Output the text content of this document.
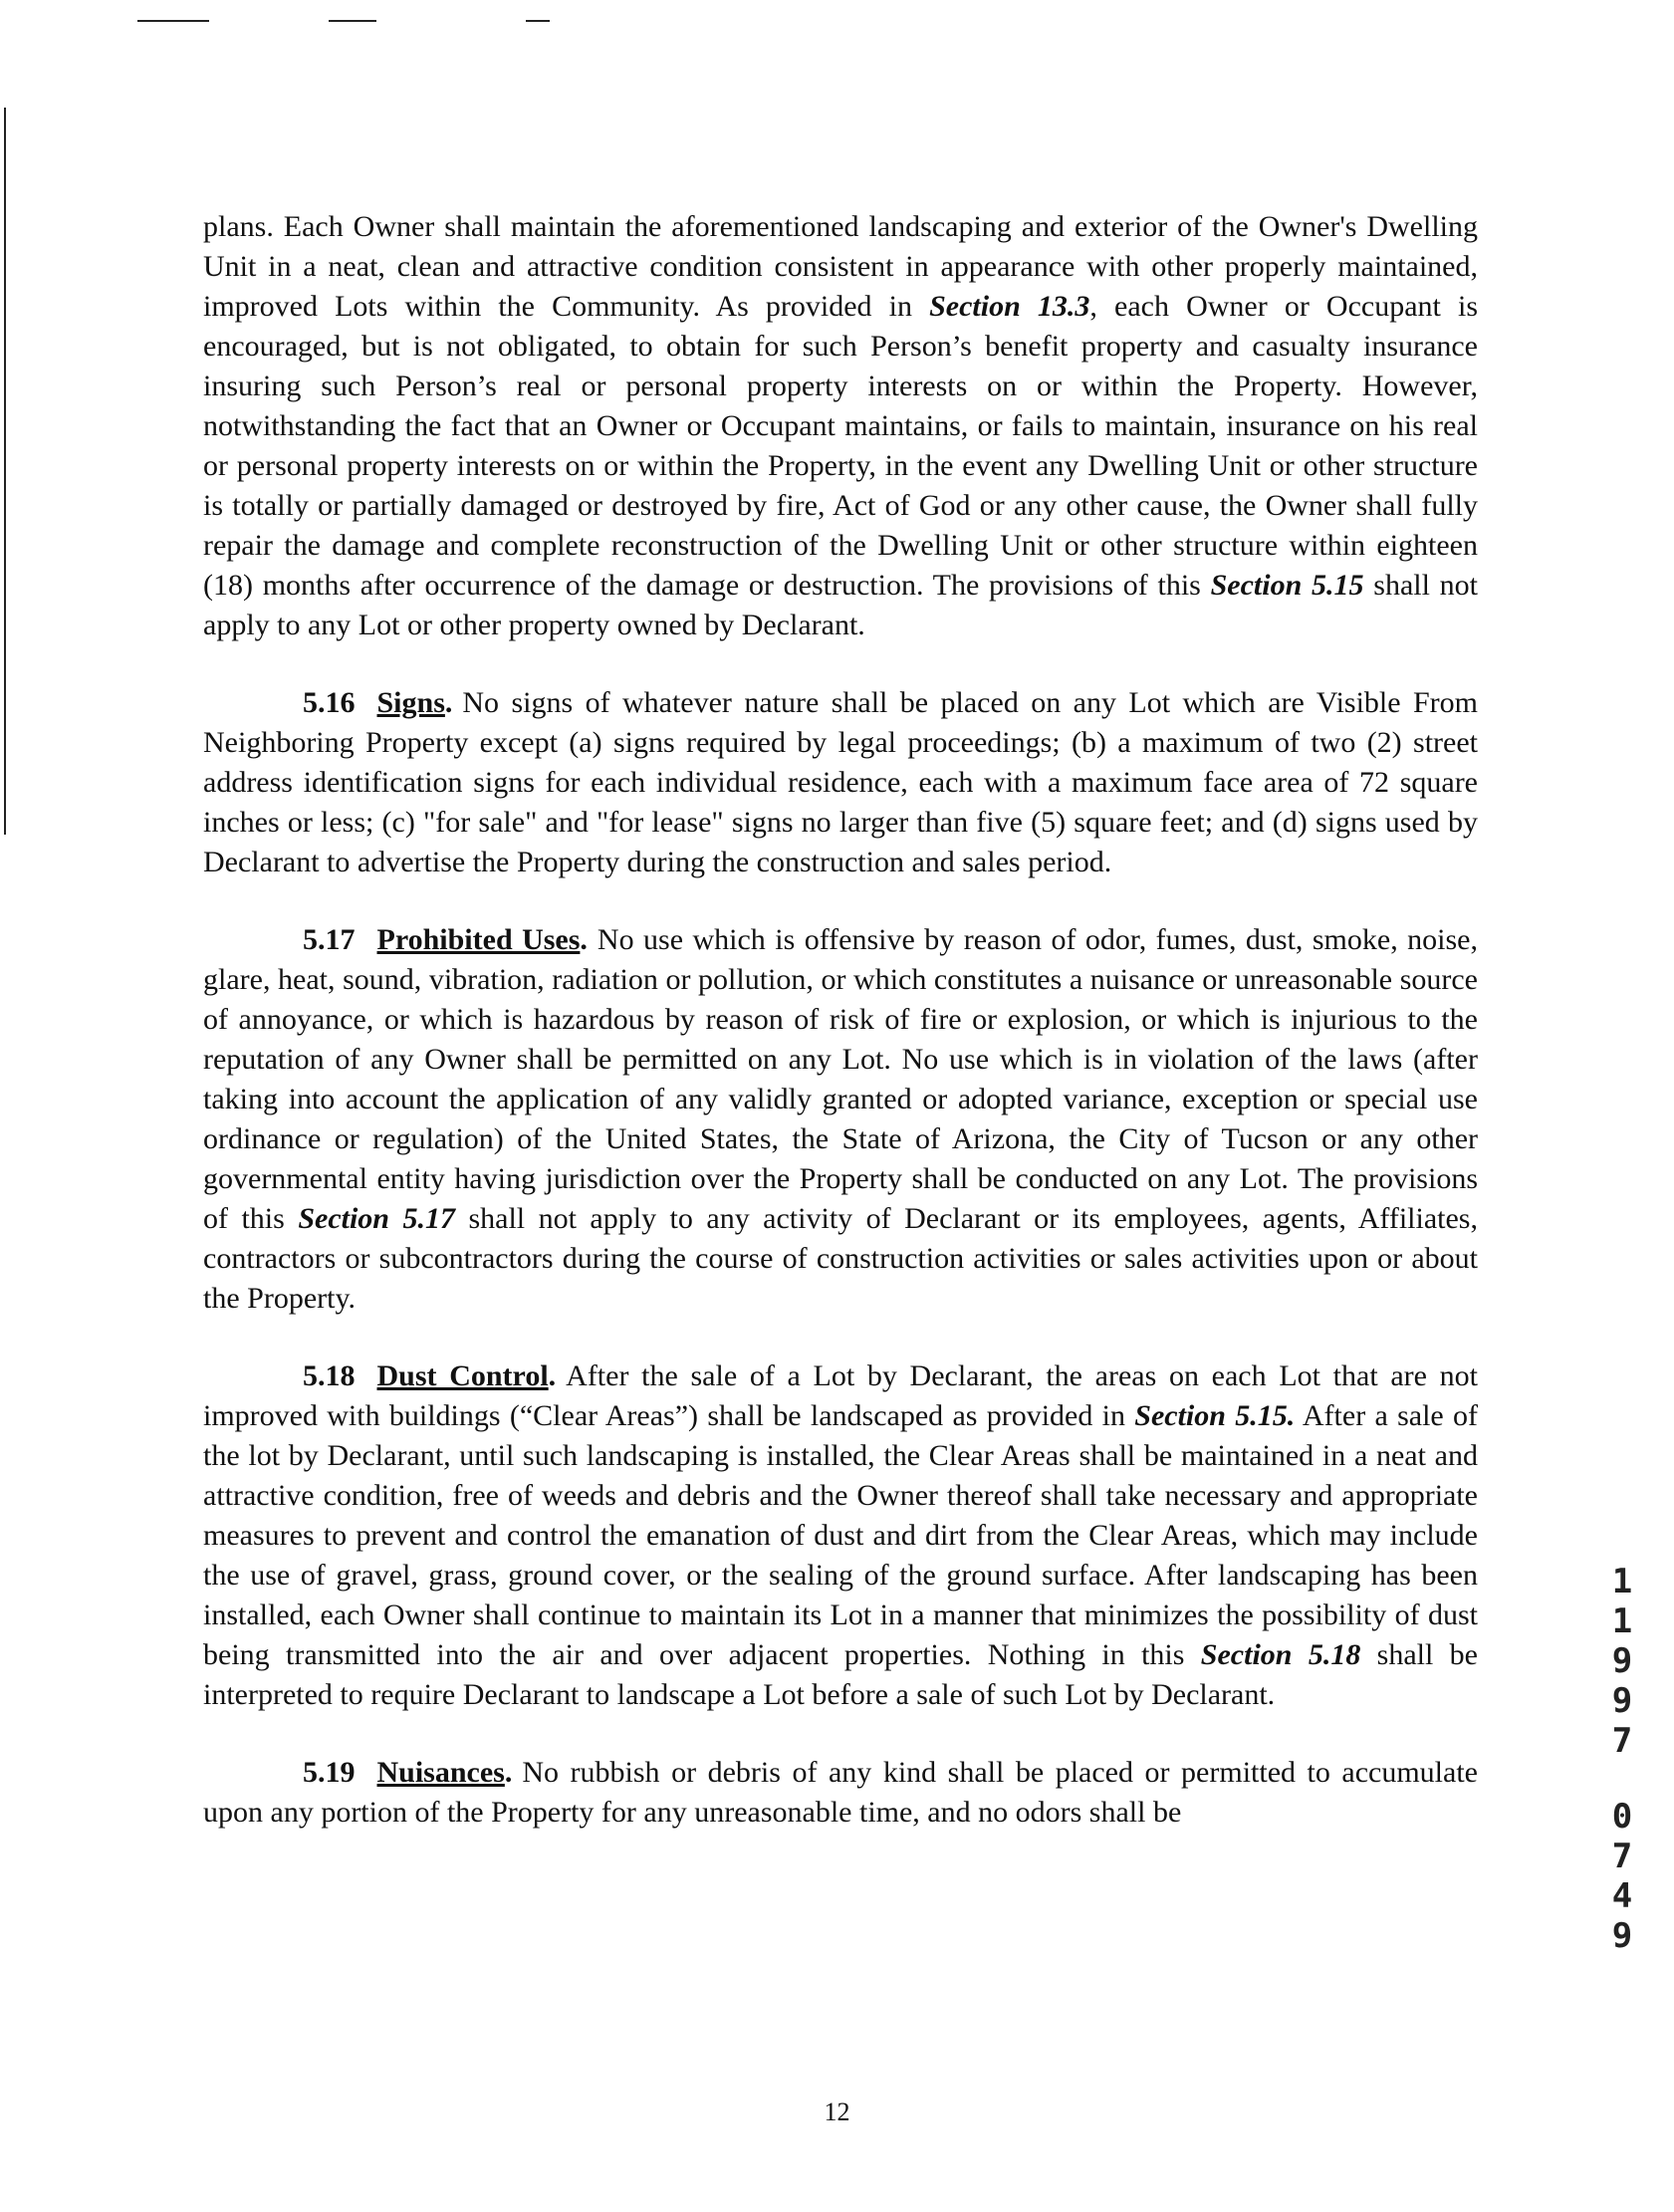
plans. Each Owner shall maintain the aforementioned landscaping and exterior of the Owner's Dwelling Unit in a neat, clean and attractive condition consistent in appearance with other properly maintained, improved Lots within the Community. As provided in Section 13.3, each Owner or Occupant is encouraged, but is not obligated, to obtain for such Person’s benefit property and casualty insurance insuring such Person’s real or personal property interests on or within the Property. However, notwithstanding the fact that an Owner or Occupant maintains, or fails to maintain, insurance on his real or personal property interests on or within the Property, in the event any Dwelling Unit or other structure is totally or partially damaged or destroyed by fire, Act of God or any other cause, the Owner shall fully repair the damage and complete reconstruction of the Dwelling Unit or other structure within eighteen (18) months after occurrence of the damage or destruction. The provisions of this Section 5.15 shall not apply to any Lot or other property owned by Declarant.

5.16 Signs. No signs of whatever nature shall be placed on any Lot which are Visible From Neighboring Property except (a) signs required by legal proceedings; (b) a maximum of two (2) street address identification signs for each individual residence, each with a maximum face area of 72 square inches or less; (c) "for sale" and "for lease" signs no larger than five (5) square feet; and (d) signs used by Declarant to advertise the Property during the construction and sales period.

5.17 Prohibited Uses. No use which is offensive by reason of odor, fumes, dust, smoke, noise, glare, heat, sound, vibration, radiation or pollution, or which constitutes a nuisance or unreasonable source of annoyance, or which is hazardous by reason of risk of fire or explosion, or which is injurious to the reputation of any Owner shall be permitted on any Lot. No use which is in violation of the laws (after taking into account the application of any validly granted or adopted variance, exception or special use ordinance or regulation) of the United States, the State of Arizona, the City of Tucson or any other governmental entity having jurisdiction over the Property shall be conducted on any Lot. The provisions of this Section 5.17 shall not apply to any activity of Declarant or its employees, agents, Affiliates, contractors or subcontractors during the course of construction activities or sales activities upon or about the Property.

5.18 Dust Control. After the sale of a Lot by Declarant, the areas on each Lot that are not improved with buildings (“Clear Areas”) shall be landscaped as provided in Section 5.15. After a sale of the lot by Declarant, until such landscaping is installed, the Clear Areas shall be maintained in a neat and attractive condition, free of weeds and debris and the Owner thereof shall take necessary and appropriate measures to prevent and control the emanation of dust and dirt from the Clear Areas, which may include the use of gravel, grass, ground cover, or the sealing of the ground surface. After landscaping has been installed, each Owner shall continue to maintain its Lot in a manner that minimizes the possibility of dust being transmitted into the air and over adjacent properties. Nothing in this Section 5.18 shall be interpreted to require Declarant to landscape a Lot before a sale of such Lot by Declarant.

5.19 Nuisances. No rubbish or debris of any kind shall be placed or permitted to accumulate upon any portion of the Property for any unreasonable time, and no odors shall be

12
1
1
9
9
7
0
7
4
9
